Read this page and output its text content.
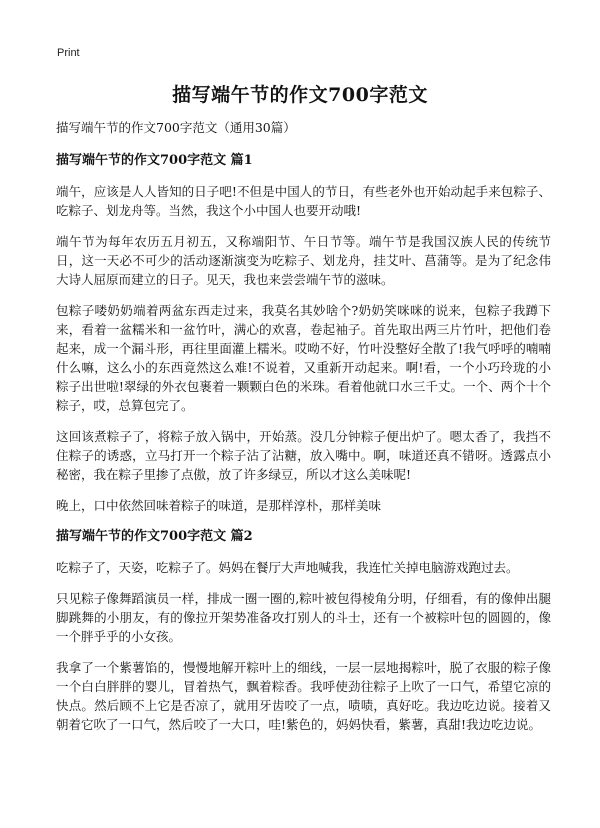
Print
描写端午节的作文700字范文

描写端午节的作文700字范文（通用30篇）

描写端午节的作文700字范文 篇1

端午，应该是人人皆知的日子吧!不但是中国人的节日，有些老外也开始动起手来包粽子、吃粽子、划龙舟等。当然，我这个小中国人也要开动哦!

端午节为每年农历五月初五，又称端阳节、午日节等。端午节是我国汉族人民的传统节日，这一天必不可少的活动逐渐演变为吃粽子、划龙舟，挂艾叶、菖蒲等。是为了纪念伟大诗人屈原而建立的日子。见天，我也来尝尝端午节的滋味。

包粽子喽奶奶端着两盆东西走过来，我莫名其妙啥个?奶奶笑咪咪的说来，包粽子我蹲下来，看着一盆糯米和一盆竹叶，满心的欢喜，卷起袖子。首先取出两三片竹叶，把他们卷起来，成一个漏斗形，再往里面灌上糯米。哎呦不好，竹叶没整好全散了!我气呼呼的喃喃什么嘛，这么小的东西竟然这么难!不说着，又重新开动起来。啊!看，一个小巧玲珑的小粽子出世啦!翠绿的外衣包裹着一颗颗白色的米珠。看着他就口水三千丈。一个、两个十个粽子，哎，总算包完了。

这回该煮粽子了，将粽子放入锅中，开始蒸。没几分钟粽子便出炉了。嗯太香了，我挡不住粽子的诱惑，立马打开一个粽子沾了沾糖，放入嘴中。啊，味道还真不错呀。透露点小秘密，我在粽子里掺了点傲，放了许多绿豆，所以才这么美味呢!

晚上，口中依然回味着粽子的味道，是那样淳朴，那样美味

描写端午节的作文700字范文 篇2

吃粽子了，天姿，吃粽子了。妈妈在餐厅大声地喊我，我连忙关掉电脑游戏跑过去。

只见粽子像舞蹈演员一样，排成一圈一圈的,粽叶被包得棱角分明，仔细看，有的像伸出腿脚跳舞的小朋友，有的像拉开架势准备攻打别人的斗士，还有一个被粽叶包的圆圆的，像一个胖乎乎的小女孩。

我拿了一个紫薯馅的，慢慢地解开粽叶上的细线，一层一层地揭粽叶，脱了衣服的粽子像一个白白胖胖的婴儿，冒着热气，飘着粽香。我呼使劲往粽子上吹了一口气，希望它凉的快点。然后顾不上它是否凉了，就用牙齿咬了一点，啧啧，真好吃。我边吃边说。接着又朝着它吹了一口气，然后咬了一大口，哇!紫色的，妈妈快看，紫薯，真甜!我边吃边说。
